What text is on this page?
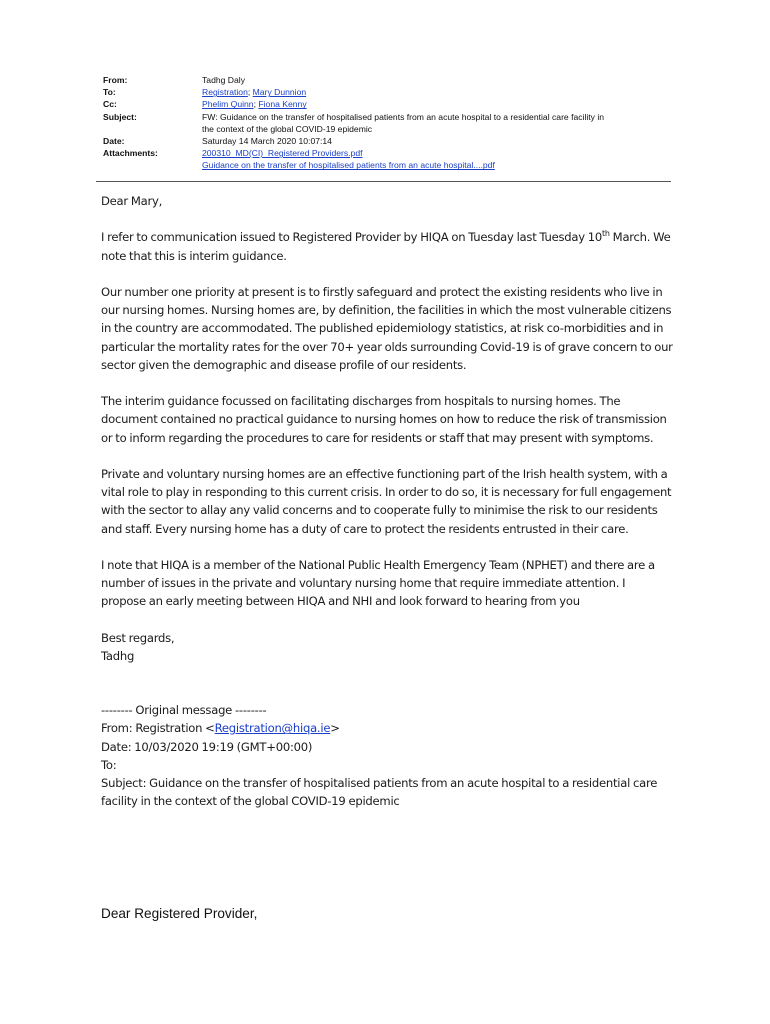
From:	Tadhg Daly
To:	Registration; Mary Dunnion
Cc:	Phelim Quinn; Fiona Kenny
Subject:	FW: Guidance on the transfer of hospitalised patients from an acute hospital to a residential care facility in
the context of the global COVID-19 epidemic
Date:	Saturday 14 March 2020 10:07:14
Attachments:	200310_MD(CI)_Registered Providers.pdf
Guidance on the transfer of hospitalised patients from an acute hospital....pdf

Dear Mary,

I refer to communication issued to Registered Provider by HIQA on Tuesday last Tuesday 10th March. We note that this is interim guidance.

Our number one priority at present is to firstly safeguard and protect the existing residents who live in our nursing homes. Nursing homes are, by definition, the facilities in which the most vulnerable citizens in the country are accommodated. The published epidemiology statistics, at risk co-morbidities and in particular the mortality rates for the over 70+ year olds surrounding Covid-19 is of grave concern to our sector given the demographic and disease profile of our residents.

The interim guidance focussed on facilitating discharges from hospitals to nursing homes. The document contained no practical guidance to nursing homes on how to reduce the risk of transmission or to inform regarding the procedures to care for residents or staff that may present with symptoms.

Private and voluntary nursing homes are an effective functioning part of the Irish health system, with a vital role to play in responding to this current crisis. In order to do so, it is necessary for full engagement with the sector to allay any valid concerns and to cooperate fully to minimise the risk to our residents and staff. Every nursing home has a duty of care to protect the residents entrusted in their care.

I note that HIQA is a member of the National Public Health Emergency Team (NPHET) and there are a number of issues in the private and voluntary nursing home that require immediate attention. I propose an early meeting between HIQA and NHI and look forward to hearing from you

Best regards,
Tadhg

-------- Original message --------
From: Registration <Registration@hiqa.ie>
Date: 10/03/2020 19:19 (GMT+00:00)
To:
Subject: Guidance on the transfer of hospitalised patients from an acute hospital to a residential care facility in the context of the global COVID-19 epidemic
Dear Registered Provider,
